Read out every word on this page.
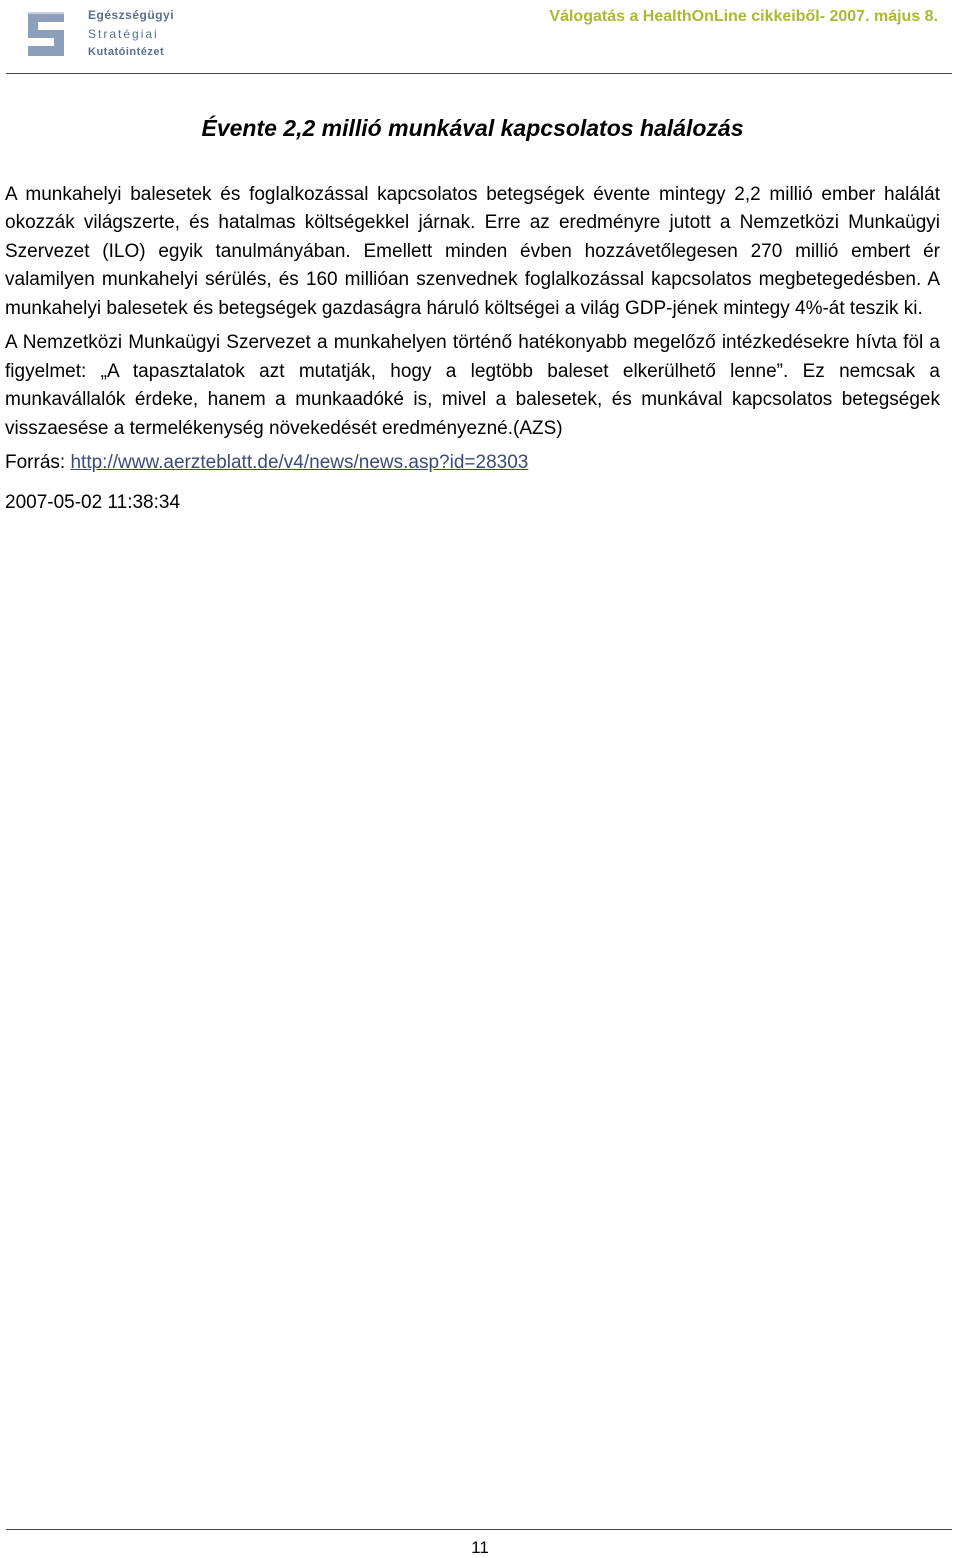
Egészségügyi
Stratégiai
Kutatóintézet
Válogatás a HealthOnLine cikkeiből- 2007. május 8.
Évente 2,2 millió munkával kapcsolatos halálozás

A munkahelyi balesetek és foglalkozással kapcsolatos betegségek évente mintegy 2,2 millió ember halálát okozzák világszerte, és hatalmas költségekkel járnak. Erre az eredményre jutott a Nemzetközi Munkaügyi Szervezet (ILO) egyik tanulmányában. Emellett minden évben hozzávetőlegesen 270 millió embert ér valamilyen munkahelyi sérülés, és 160 millióan szenvednek foglalkozással kapcsolatos megbetegedésben. A munkahelyi balesetek és betegségek gazdaságra háruló költségei a világ GDP-jének mintegy 4%-át teszik ki.

A Nemzetközi Munkaügyi Szervezet a munkahelyen történő hatékonyabb megelőző intézkedésekre hívta föl a figyelmet: „A tapasztalatok azt mutatják, hogy a legtöbb baleset elkerülhető lenne”. Ez nemcsak a munkavállalók érdeke, hanem a munkaadóké is, mivel a balesetek, és munkával kapcsolatos betegségek visszaesése a termelékenység növekedését eredményezné.(AZS)

Forrás: http://www.aerzteblatt.de/v4/news/news.asp?id=28303

2007-05-02 11:38:34

11
